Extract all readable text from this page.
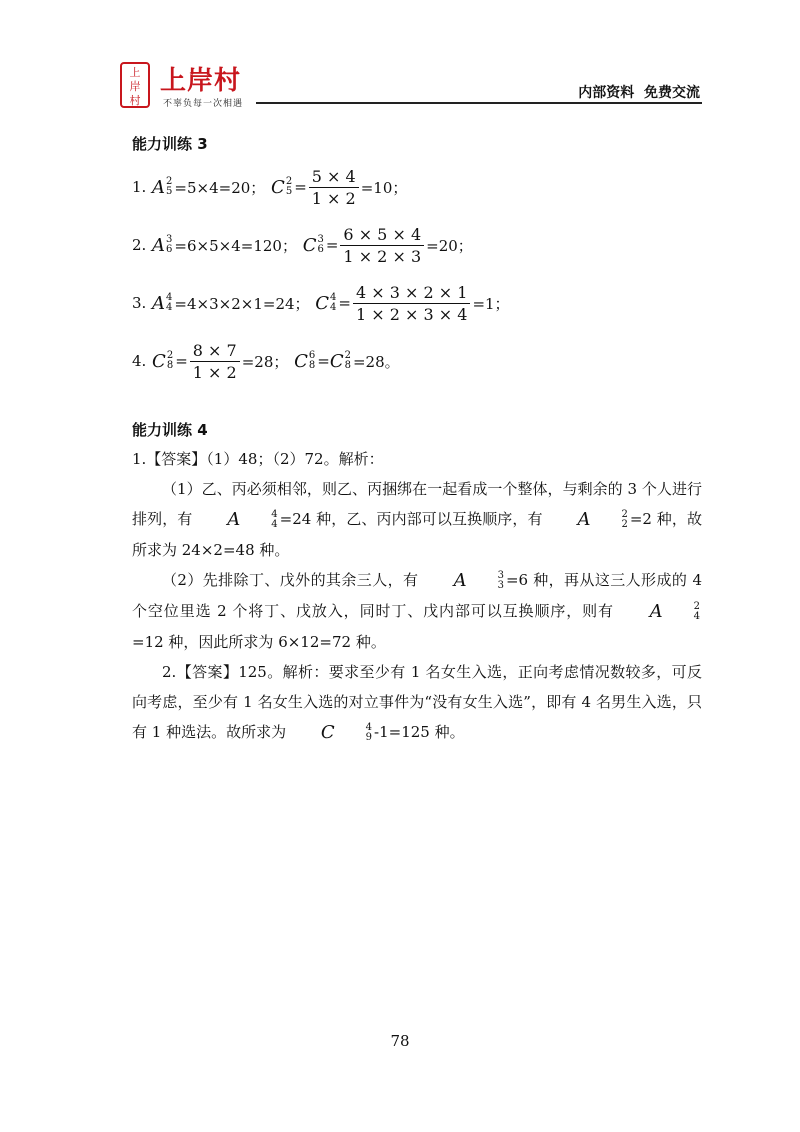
上
岸
村
上岸村
不辜负每一次相遇
内部资料  免费交流
能力训练 3
1. A 2
5 =5×4=20； C 2
$5 = \frac{5 \times 4}{1 \times 2} =10$；
2. A 3
6 =6×5×4=120； C 3
$6 = \frac{6 \times 5 \times 4}{1 \times 2 \times 3} =20$；
3. A 4
4 =4×3×2×1=24； C 4
$4 = \frac{4 \times 3 \times 2 \times 1}{1 \times 2 \times 3 \times 4} =1$；
4. C 2
$8 = \frac{8 \times 7}{1 \times 2} =28$； C 6
8 = C 2
8 =28。
能力训练 4

1.【答案】（1）48；（2）72。解析：

（1）乙、丙必须相邻，则乙、丙捆绑在一起看成一个整体，与剩余的 3 个人进行排列，有	A	4
4 =24 种，乙、丙内部可以互换顺序，有	A	2
2 =2 种，故所求为 24×2=48 种。

（2）先排除丁、戊外的其余三人，有	A	3
3 =6 种，再从这三人形成的 4 个空位里选 2 个将丁、戊放入，同时丁、戊内部可以互换顺序，则有	A	2
4
=12 种，因此所求为 6×12=72 种。

2.【答案】125。解析：要求至少有 1 名女生入选，正向考虑情况数较多，可反向考虑，至少有 1 名女生入选的对立事件为“没有女生入选”，即有 4 名男生入选，只有 1 种选法。故所求为	C	4
9 -1=125 种。

78
